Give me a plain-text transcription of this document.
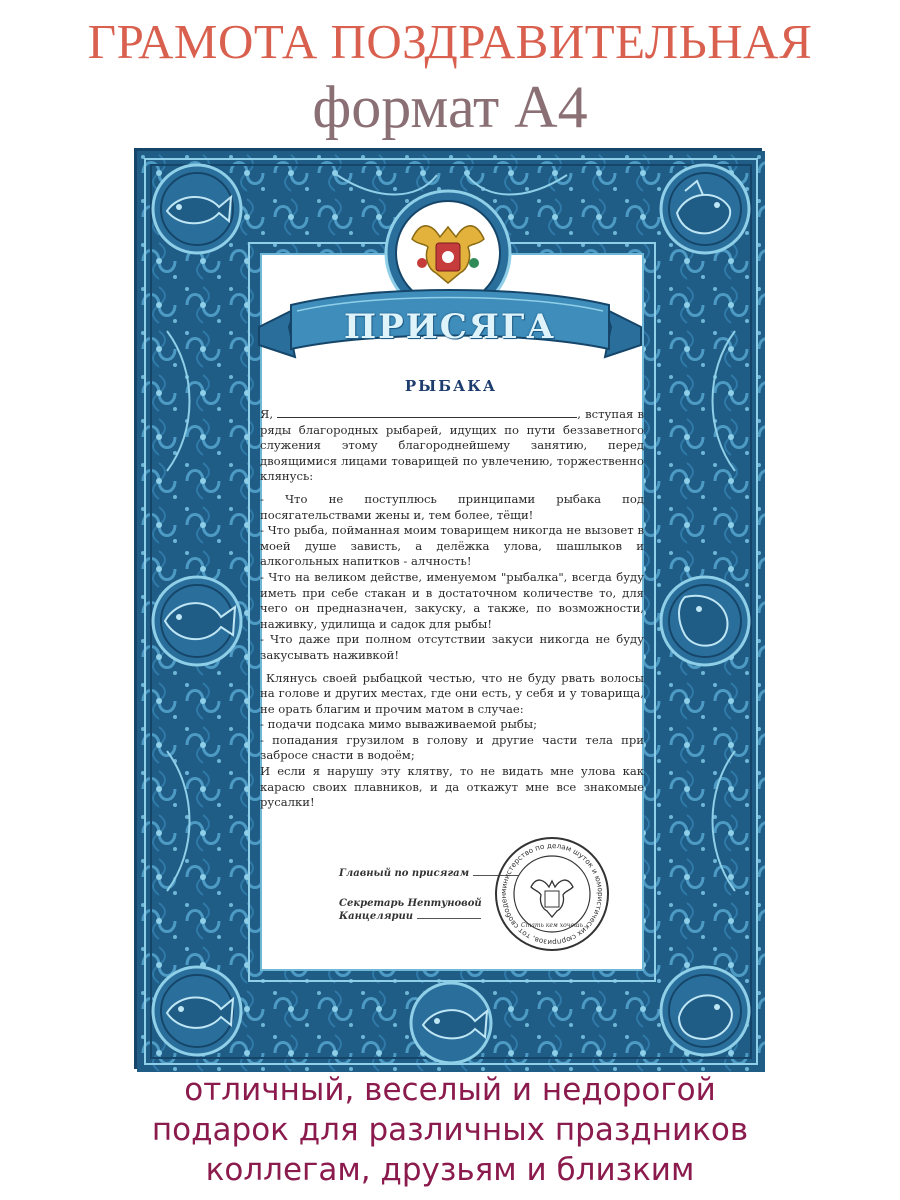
ГРАМОТА ПОЗДРАВИТЕЛЬНАЯ
формат А4
ПРИСЯГА
РЫБАКА

Я,	, вступая в ряды благородных рыбарей, идущих по пути беззаветного служения этому благороднейшему занятию, перед двоящимися лицами товарищей по увлечению, торжественно клянусь:

- Что не поступлюсь принципами рыбака под посягательствами жены и, тем более, тёщи!

- Что рыба, пойманная моим товарищем никогда не вызовет в моей душе зависть, а делёжка улова, шашлыков и алкогольных напитков - алчность!

- Что на великом действе, именуемом "рыбалка", всегда буду иметь при себе стакан и в достаточном количестве то, для чего он предназначен, закуску, а также, по возможности, наживку, удилища и садок для рыбы!

- Что даже при полном отсутствии закуси никогда не буду закусывать наживкой!

Клянусь своей рыбацкой честью, что не буду рвать волосы на голове и других местах, где они есть, у себя и у товарища, не орать благим и прочим матом в случае:

- подачи подсака мимо вываживаемой рыбы;

- попадания грузилом в голову и другие части тела при забросе снасти в водоём;

И если я нарушу эту клятву, то не видать мне улова как карасю своих плавников, и да откажут мне все знакомые русалки!

Главный по присягам
Секретарь Нептуновой
Канцелярии
министерство по делам шуток и юмористических сюрпризов, тот свободен
Стать кем хочешь
отличный, веселый и недорогой
подарок для различных праздников
коллегам, друзьям и близким
